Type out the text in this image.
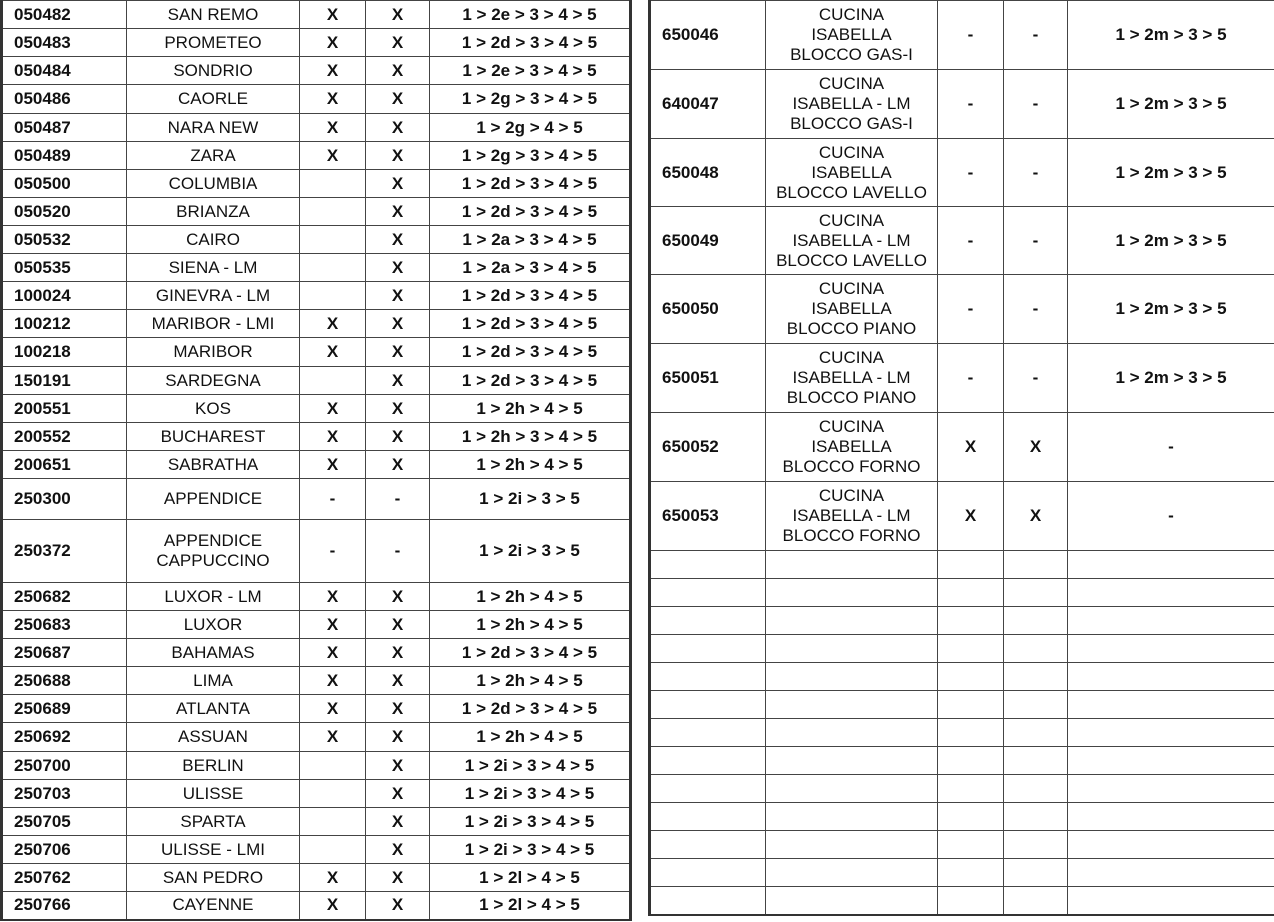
050482	SAN REMO	X	X	1 > 2e > 3 > 4 > 5
050483	PROMETEO	X	X	1 > 2d > 3 > 4 > 5
050484	SONDRIO	X	X	1 > 2e > 3 > 4 > 5
050486	CAORLE	X	X	1 > 2g > 3 > 4 > 5
050487	NARA NEW	X	X	1 > 2g > 4 > 5
050489	ZARA	X	X	1 > 2g > 3 > 4 > 5
050500	COLUMBIA		X	1 > 2d > 3 > 4 > 5
050520	BRIANZA		X	1 > 2d > 3 > 4 > 5
050532	CAIRO		X	1 > 2a > 3 > 4 > 5
050535	SIENA - LM		X	1 > 2a > 3 > 4 > 5
100024	GINEVRA - LM		X	1 > 2d > 3 > 4 > 5
100212	MARIBOR - LMI	X	X	1 > 2d > 3 > 4 > 5
100218	MARIBOR	X	X	1 > 2d > 3 > 4 > 5
150191	SARDEGNA		X	1 > 2d > 3 > 4 > 5
200551	KOS	X	X	1 > 2h > 4 > 5
200552	BUCHAREST	X	X	1 > 2h > 3 > 4 > 5
200651	SABRATHA	X	X	1 > 2h > 4 > 5
250300	APPENDICE	-	-	1 > 2i > 3 > 5
250372	APPENDICE
CAPPUCCINO	-	-	1 > 2i > 3 > 5
250682	LUXOR - LM	X	X	1 > 2h > 4 > 5
250683	LUXOR	X	X	1 > 2h > 4 > 5
250687	BAHAMAS	X	X	1 > 2d > 3 > 4 > 5
250688	LIMA	X	X	1 > 2h > 4 > 5
250689	ATLANTA	X	X	1 > 2d > 3 > 4 > 5
250692	ASSUAN	X	X	1 > 2h > 4 > 5
250700	BERLIN		X	1 > 2i > 3 > 4 > 5
250703	ULISSE		X	1 > 2i > 3 > 4 > 5
250705	SPARTA		X	1 > 2i > 3 > 4 > 5
250706	ULISSE - LMI		X	1 > 2i > 3 > 4 > 5
250762	SAN PEDRO	X	X	1 > 2l > 4 > 5
250766	CAYENNE	X	X	1 > 2l > 4 > 5
650046	CUCINA
ISABELLA
BLOCCO GAS-I	-	-	1 > 2m > 3 > 5
640047	CUCINA
ISABELLA - LM
BLOCCO GAS-I	-	-	1 > 2m > 3 > 5
650048	CUCINA
ISABELLA
BLOCCO LAVELLO	-	-	1 > 2m > 3 > 5
650049	CUCINA
ISABELLA - LM
BLOCCO LAVELLO	-	-	1 > 2m > 3 > 5
650050	CUCINA
ISABELLA
BLOCCO PIANO	-	-	1 > 2m > 3 > 5
650051	CUCINA
ISABELLA - LM
BLOCCO PIANO	-	-	1 > 2m > 3 > 5
650052	CUCINA
ISABELLA
BLOCCO FORNO	X	X	-
650053	CUCINA
ISABELLA - LM
BLOCCO FORNO	X	X	-
